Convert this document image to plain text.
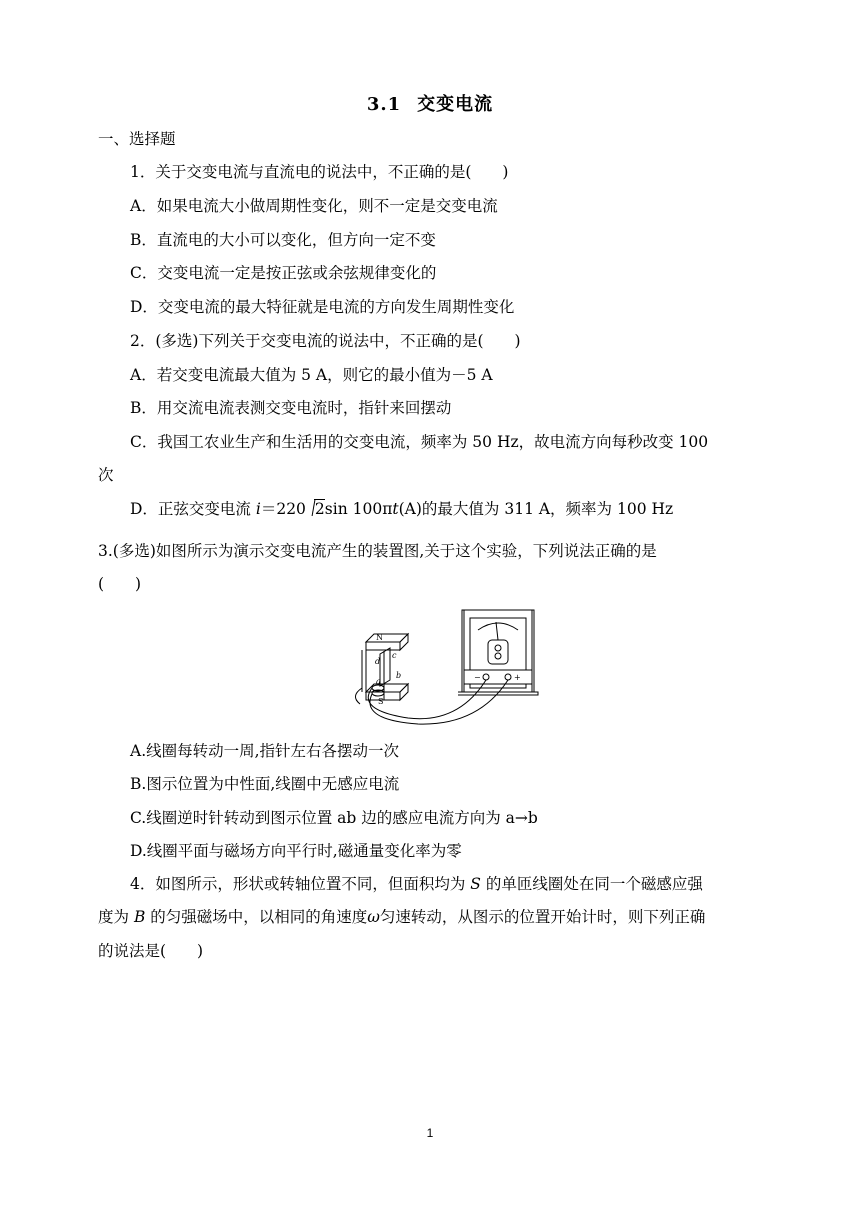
3.1 交变电流
一、选择题
1．关于交变电流与直流电的说法中，不正确的是(　　)
A．如果电流大小做周期性变化，则不一定是交变电流
B．直流电的大小可以变化，但方向一定不变
C．交变电流一定是按正弦或余弦规律变化的
D．交变电流的最大特征就是电流的方向发生周期性变化
2．(多选)下列关于交变电流的说法中，不正确的是(　　)
A．若交变电流最大值为 5 A，则它的最小值为－5 A
B．用交流电流表测交变电流时，指针来回摆动
C．我国工农业生产和生活用的交变电流，频率为 50 Hz，故电流方向每秒改变 100
次
D．正弦交变电流 i＝220 2sin 100πt(A)的最大值为 311 A，频率为 100 Hz
3.(多选)如图所示为演示交变电流产生的装置图,关于这个实验，下列说法正确的是
(　　)
N
S
d
c
b
a	−	+
A.线圈每转动一周,指针左右各摆动一次
B.图示位置为中性面,线圈中无感应电流
C.线圈逆时针转动到图示位置 ab 边的感应电流方向为 a→b
D.线圈平面与磁场方向平行时,磁通量变化率为零
4．如图所示，形状或转轴位置不同，但面积均为 S 的单匝线圈处在同一个磁感应强
度为 B 的匀强磁场中，以相同的角速度ω匀速转动，从图示的位置开始计时，则下列正确
的说法是(　　)
1
